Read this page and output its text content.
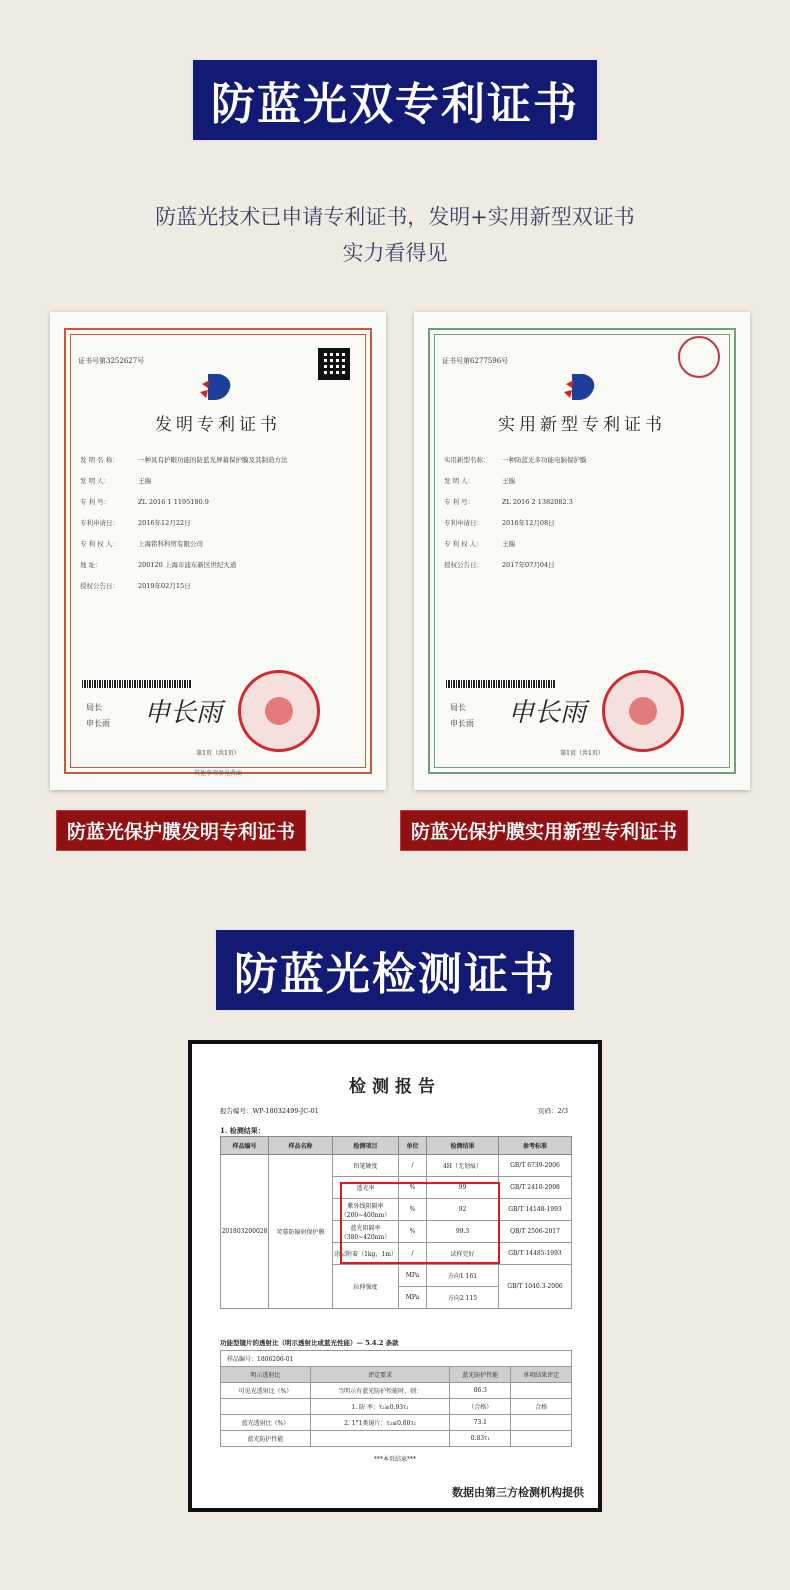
防蓝光双专利证书
防蓝光技术已申请专利证书，发明+实用新型双证书
实力看得见
证书号第3252627号
发明专利证书
发 明 名 称：	一种具有护眼功能的防蓝光屏幕保护膜及其制造方法
发 明 人：	王揣
专 利 号：	ZL 2016 1 1195180.9
专利申请日：	2016年12月22日
专 利 权 人：	上海铭科科贸有限公司
地 址：	200120 上海市浦东新区世纪大道
授权公告日：	2019年02月15日
局长
申长雨 申长雨
第1页（共1页）
其他事项参见背面
证书号第6277596号
实用新型专利证书
实用新型名称：	一种防蓝光多功能电脑保护膜
发 明 人：	王揣
专 利 号：	ZL 2016 2 1382082.3
专利申请日：	2016年12月08日
专 利 权 人：	王揣
授权公告日：	2017年07月04日
局长
申长雨 申长雨
第1页（共1页）
防蓝光保护膜发明专利证书	防蓝光保护膜实用新型专利证书
防蓝光检测证书
检测报告
报告编号：WP-18032499-JC-01	页码：2/3
1. 检测结果：
样品编号	样品名称	检测项目	单位	检测结果	参考标准
201803200028	荧幕防辐射保护膜	铅笔硬度	/	4H（无划痕）	GB/T 6739-2006
		透光率	%	99	GB/T 2410-2008
		紫外线阻隔率（200~400nm）	%	92	GB/T 14148-1993
		蓝光阻隔率（380~420nm）	%	99.3	QB/T 2506-2017
		涂层附着（1kg，1m）	/	试样完好	GB/T 14485-1993
		拉伸强度	MPa	方向1 161	GB/T 1040.3-2006
			MPa	方向2 115	
功能型镜片的透射比（明示透射比或蓝光性能）— 5.4.2 条款
样品编号：1806206-01			
明示透射比	评定要求	蓝光防护性能	单项结果评定
可见光透射比（%）	当明示有蓝光防护性能时，则：	86.3	
	1. 防 率：τ₂≥0.93τ₁	（合格）	合格
蓝光透射比（%）	2. 1°1类镜片：τ₃≤0.80τ₁	73.1	
蓝光防护性能		0.83τ₁	
***本页结束***
数据由第三方检测机构提供
